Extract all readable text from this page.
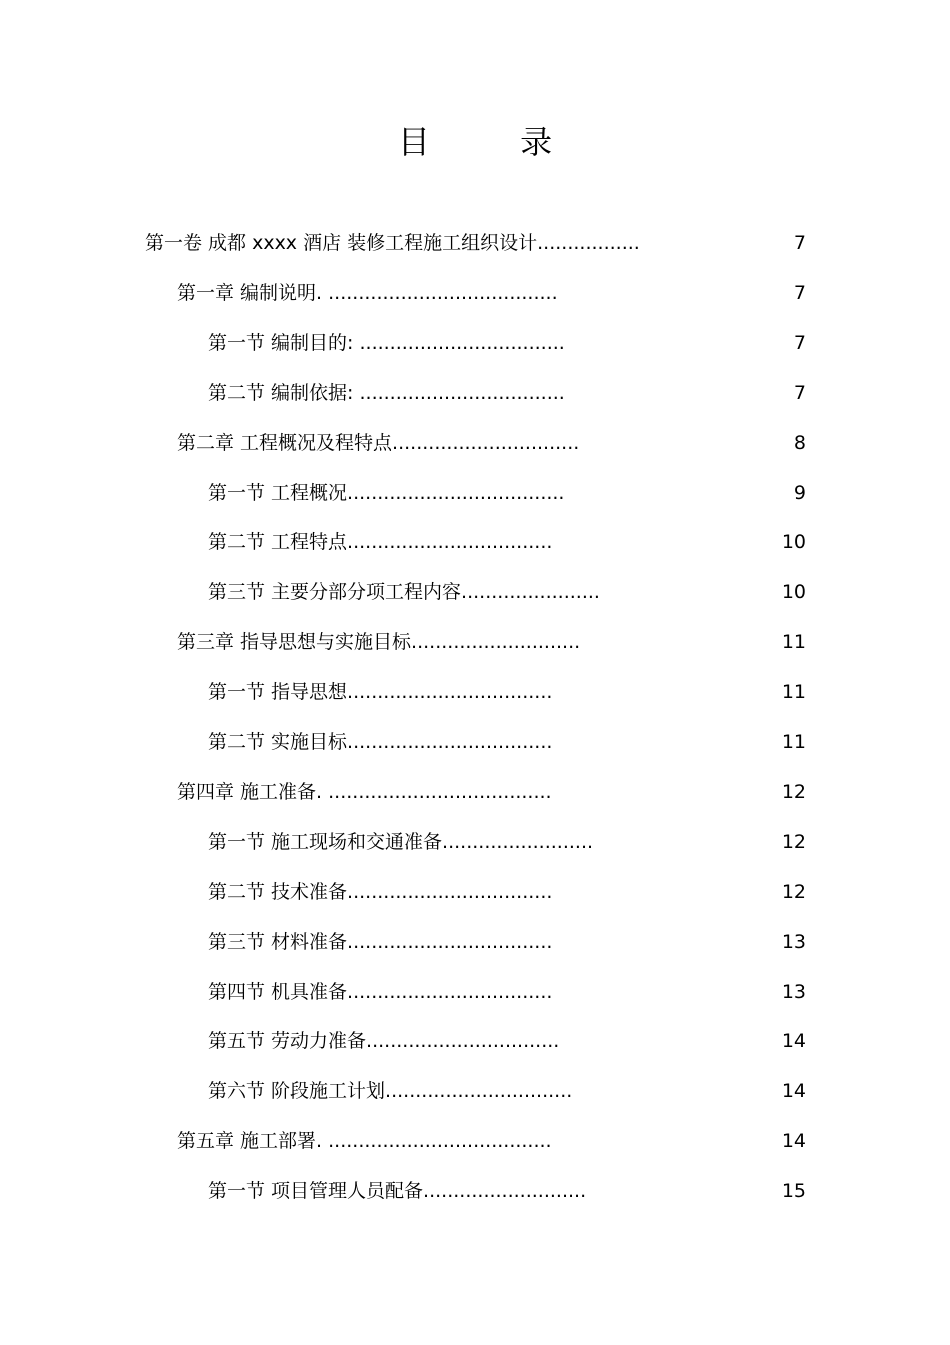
目 录
第一卷 成都 xxxx 酒店 装修工程施工组织设计.................	7
第一章 编制说明. ......................................	7
第一节 编制目的: ..................................	7
第二节 编制依据: ..................................	7
第二章 工程概况及程特点...............................	8
第一节 工程概况....................................	9
第二节 工程特点..................................	10
第三节 主要分部分项工程内容.......................	10
第三章 指导思想与实施目标............................	11
第一节 指导思想..................................	11
第二节 实施目标..................................	11
第四章 施工准备. .....................................	12
第一节 施工现场和交通准备.........................	12
第二节 技术准备..................................	12
第三节 材料准备..................................	13
第四节 机具准备..................................	13
第五节 劳动力准备................................	14
第六节 阶段施工计划...............................	14
第五章 施工部署. .....................................	14
第一节 项目管理人员配备...........................	15
